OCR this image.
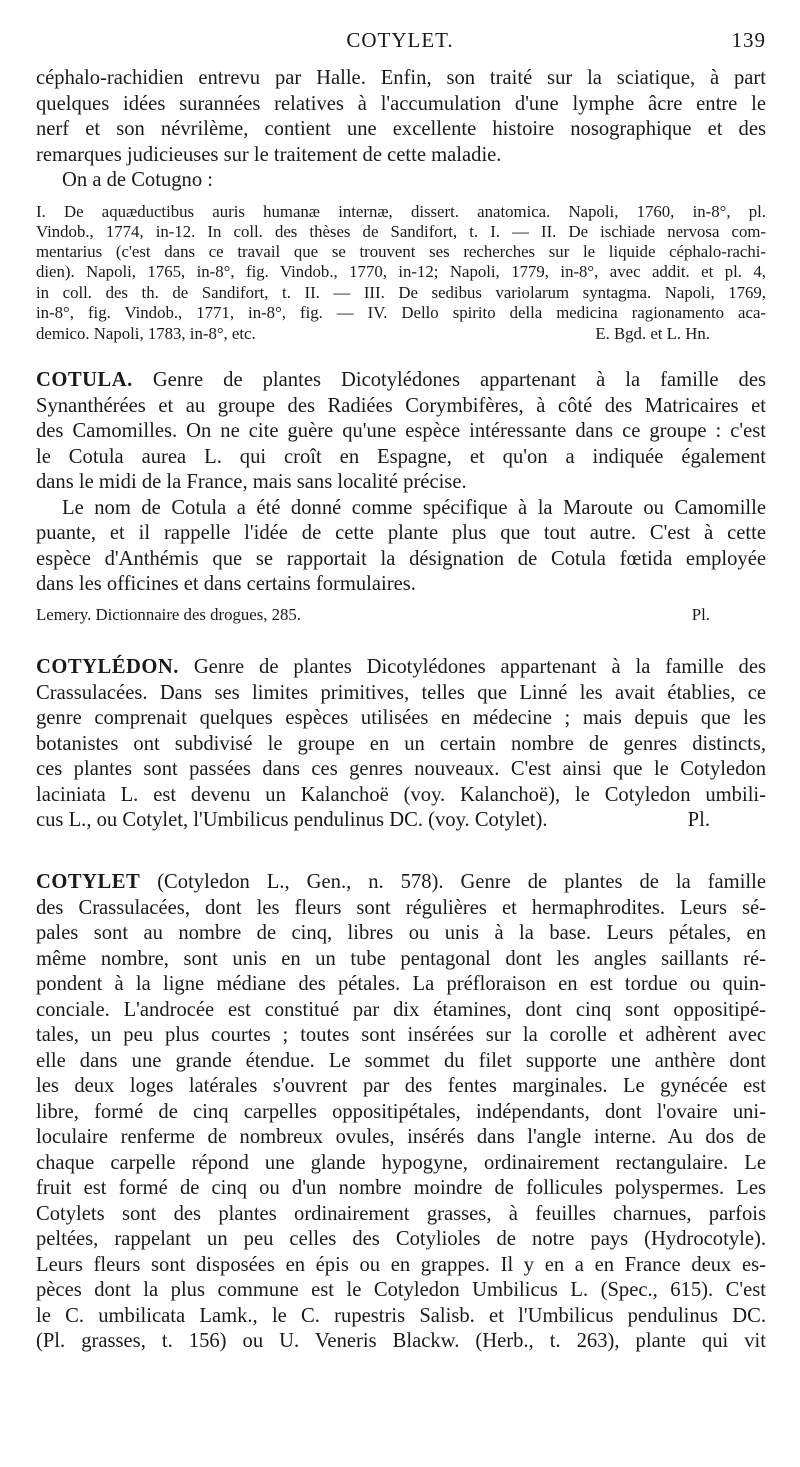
COTYLET.	139
céphalo-rachidien entrevu par Halle. Enfin, son traité sur la sciatique, à part
quelques idées surannées relatives à l'accumulation d'une lymphe âcre entre le
nerf et son névrilème, contient une excellente histoire nosographique et des
remarques judicieuses sur le traitement de cette maladie.
On a de Cotugno :
I. De aquæductibus auris humanæ internæ, dissert. anatomica. Napoli, 1760, in-8°, pl.
Vindob., 1774, in-12. In coll. des thèses de Sandifort, t. I. — II. De ischiade nervosa com-
mentarius (c'est dans ce travail que se trouvent ses recherches sur le liquide céphalo-rachi-
dien). Napoli, 1765, in-8°, fig. Vindob., 1770, in-12; Napoli, 1779, in-8°, avec addit. et pl. 4,
in coll. des th. de Sandifort, t. II. — III. De sedibus variolarum syntagma. Napoli, 1769,
in-8°, fig. Vindob., 1771, in-8°, fig. — IV. Dello spirito della medicina ragionamento aca-
demico. Napoli, 1783, in-8°, etc.	E. Bgd. et L. Hn.
COTULA. Genre de plantes Dicotylédones appartenant à la famille des
Synanthérées et au groupe des Radiées Corymbifères, à côté des Matricaires et
des Camomilles. On ne cite guère qu'une espèce intéressante dans ce groupe : c'est
le Cotula aurea L. qui croît en Espagne, et qu'on a indiquée également
dans le midi de la France, mais sans localité précise.
Le nom de Cotula a été donné comme spécifique à la Maroute ou Camomille
puante, et il rappelle l'idée de cette plante plus que tout autre. C'est à cette
espèce d'Anthémis que se rapportait la désignation de Cotula fœtida employée
dans les officines et dans certains formulaires.
Lemery. Dictionnaire des drogues, 285.	Pl.
COTYLÉDON. Genre de plantes Dicotylédones appartenant à la famille des
Crassulacées. Dans ses limites primitives, telles que Linné les avait établies, ce
genre comprenait quelques espèces utilisées en médecine ; mais depuis que les
botanistes ont subdivisé le groupe en un certain nombre de genres distincts,
ces plantes sont passées dans ces genres nouveaux. C'est ainsi que le Cotyledon
laciniata L. est devenu un Kalanchoë (voy. Kalanchoë), le Cotyledon umbili-
cus L., ou Cotylet, l'Umbilicus pendulinus DC. (voy. Cotylet).	Pl.
COTYLET (Cotyledon L., Gen., n. 578). Genre de plantes de la famille
des Crassulacées, dont les fleurs sont régulières et hermaphrodites. Leurs sé-
pales sont au nombre de cinq, libres ou unis à la base. Leurs pétales, en
même nombre, sont unis en un tube pentagonal dont les angles saillants ré-
pondent à la ligne médiane des pétales. La préfloraison en est tordue ou quin-
conciale. L'androcée est constitué par dix étamines, dont cinq sont oppositipé-
tales, un peu plus courtes ; toutes sont insérées sur la corolle et adhèrent avec
elle dans une grande étendue. Le sommet du filet supporte une anthère dont
les deux loges latérales s'ouvrent par des fentes marginales. Le gynécée est
libre, formé de cinq carpelles oppositipétales, indépendants, dont l'ovaire uni-
loculaire renferme de nombreux ovules, insérés dans l'angle interne. Au dos de
chaque carpelle répond une glande hypogyne, ordinairement rectangulaire. Le
fruit est formé de cinq ou d'un nombre moindre de follicules polyspermes. Les
Cotylets sont des plantes ordinairement grasses, à feuilles charnues, parfois
peltées, rappelant un peu celles des Cotylioles de notre pays (Hydrocotyle).
Leurs fleurs sont disposées en épis ou en grappes. Il y en a en France deux es-
pèces dont la plus commune est le Cotyledon Umbilicus L. (Spec., 615). C'est
le C. umbilicata Lamk., le C. rupestris Salisb. et l'Umbilicus pendulinus DC.
(Pl. grasses, t. 156) ou U. Veneris Blackw. (Herb., t. 263), plante qui vit
